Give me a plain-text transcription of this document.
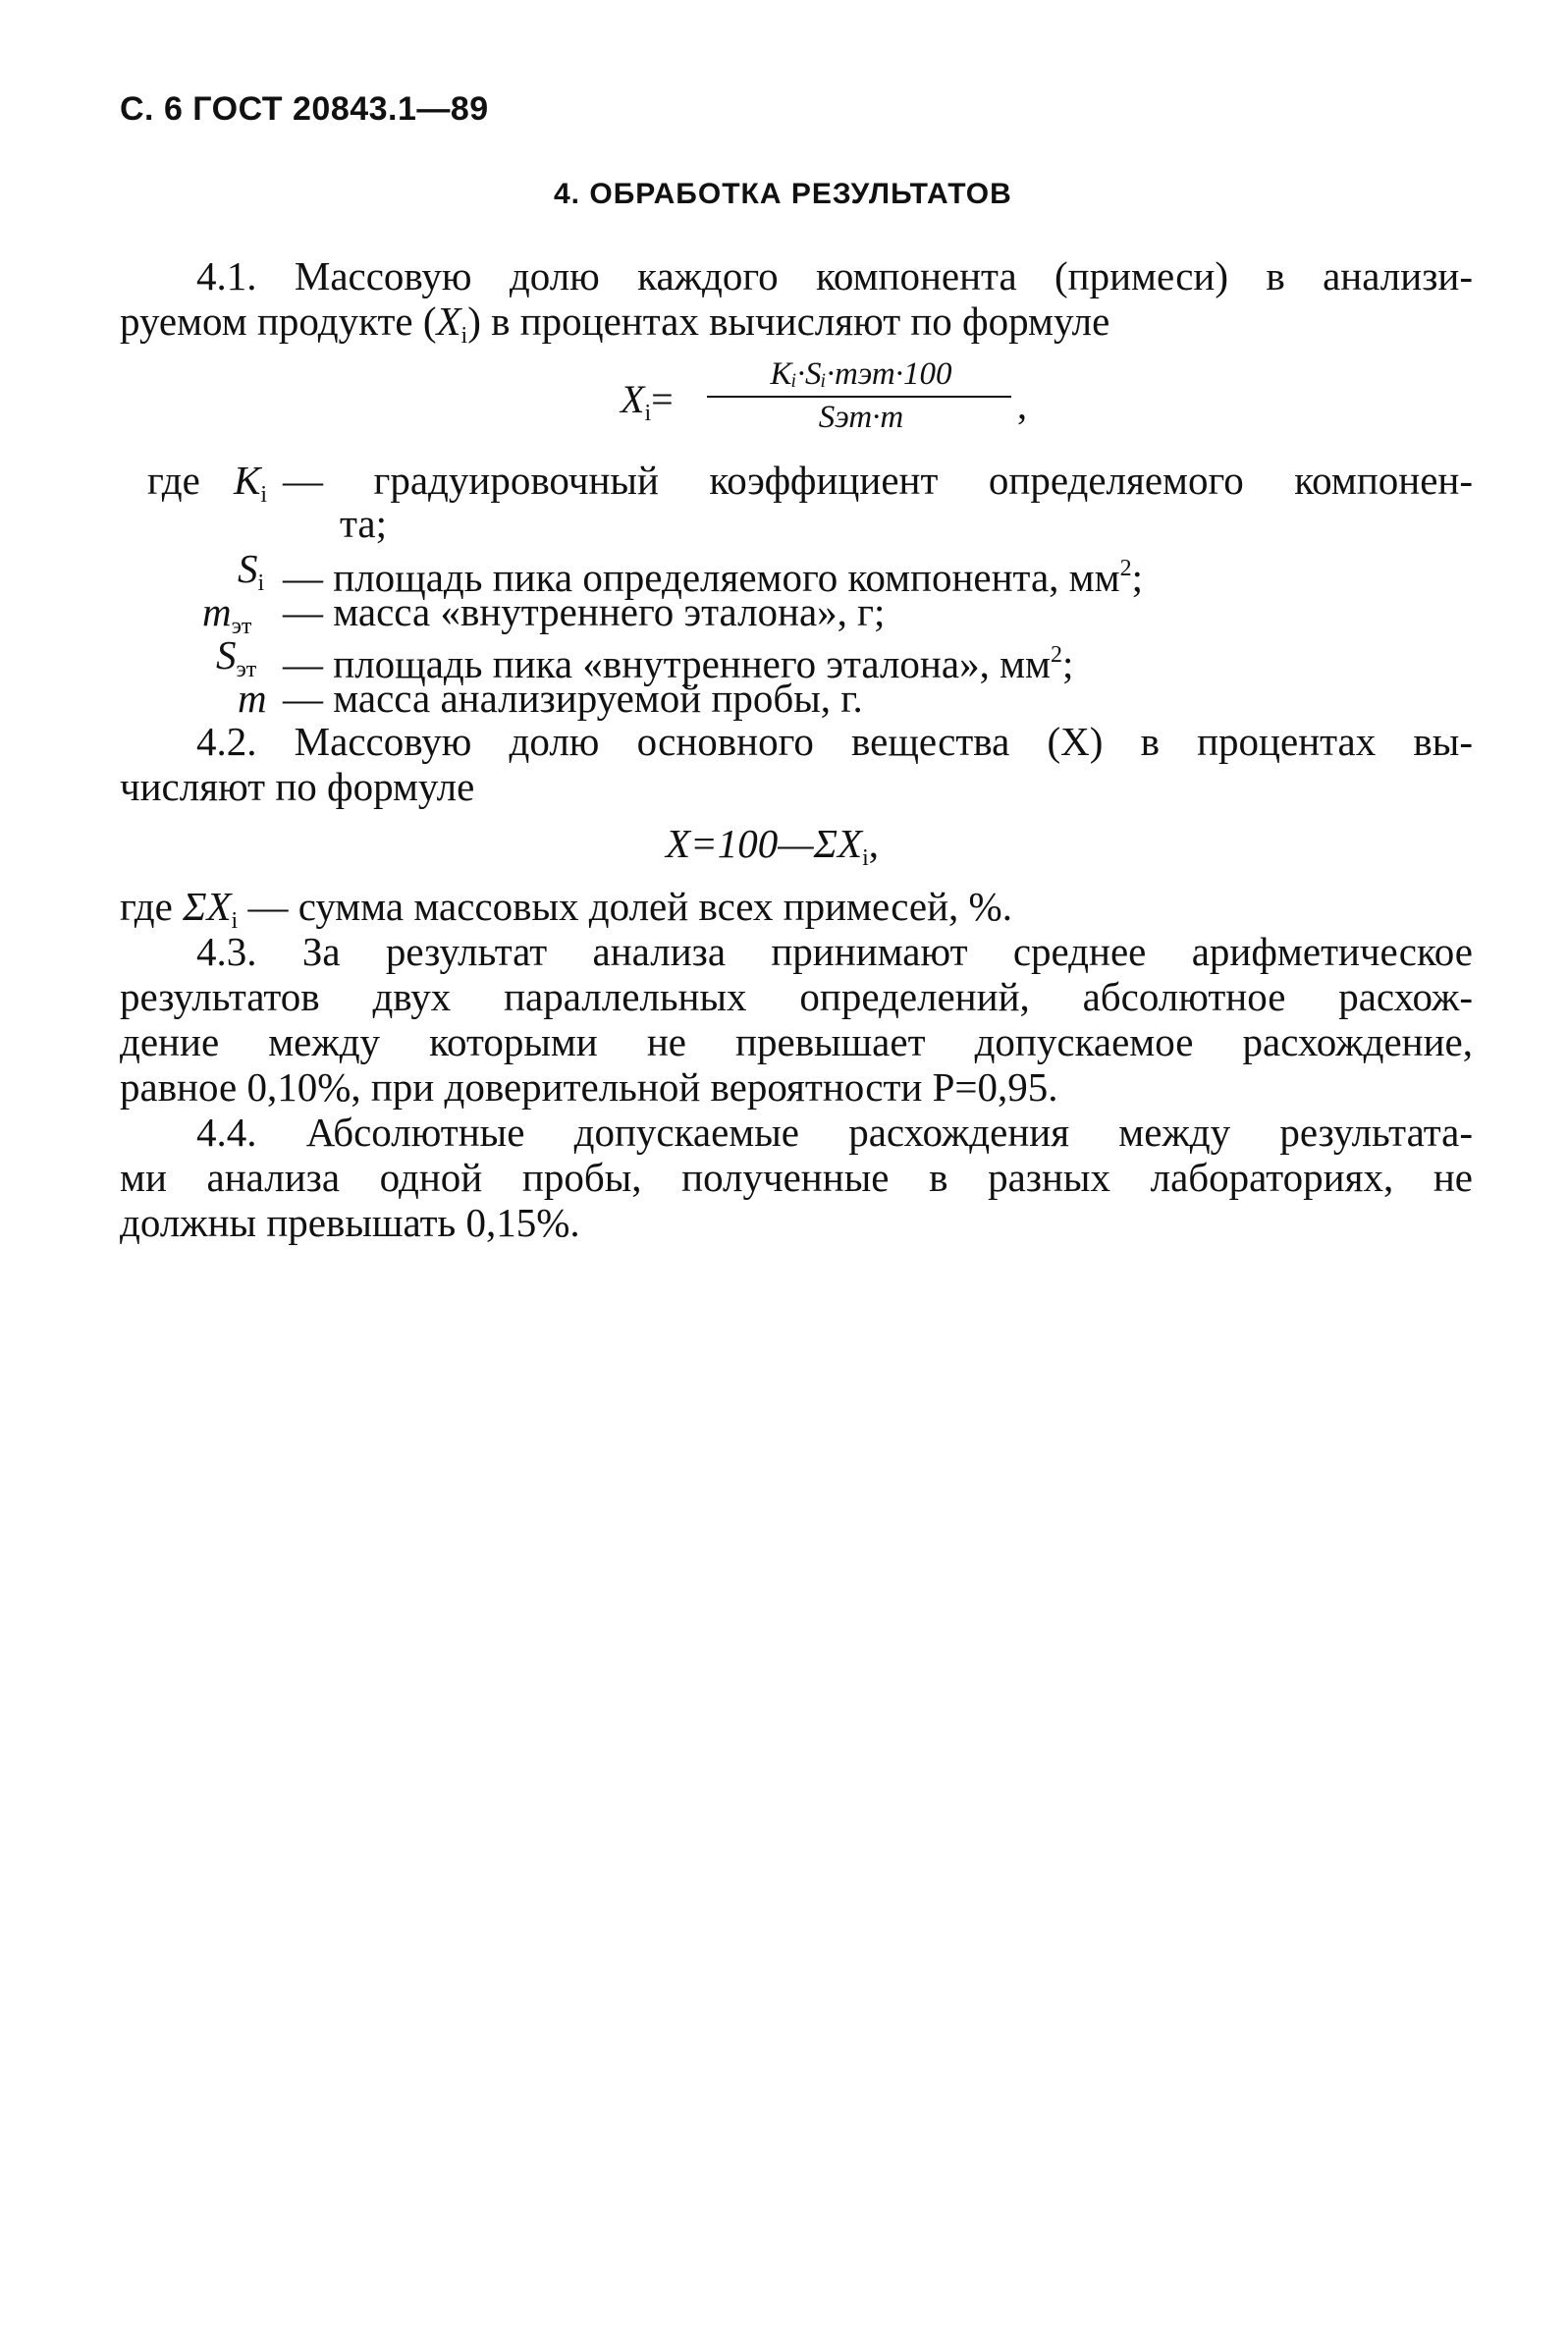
С. 6 ГОСТ 20843.1—89
4. ОБРАБОТКА РЕЗУЛЬТАТОВ
4.1. Массовую долю каждого компонента (примеси) в анализи-
руемом продукте $(X_i)$ в процентах вычисляют по формуле
$X_i=$
Kᵢ·Sᵢ·mэт·100
Sэт·m	,
где $K_i$ — градуировочный коэффициент определяемого компонен-
та;
$S_i$ — площадь пика определяемого компонента, $мм^2$;
$m_{эт}$ — масса «внутреннего эталона», г;
$S_{эт}$ — площадь пика «внутреннего эталона», $мм^2$;
m — масса анализируемой пробы, г.
4.2. Массовую долю основного вещества (X) в процентах вы-
числяют по формуле
$X=100—\Sigma X_i$,
где $\Sigma X_i$ — сумма массовых долей всех примесей, %.
4.3. За результат анализа принимают среднее арифметическое
результатов двух параллельных определений, абсолютное расхож-
дение между которыми не превышает допускаемое расхождение,
равное 0,10%, при доверительной вероятности P=0,95.
4.4. Абсолютные допускаемые расхождения между результата-
ми анализа одной пробы, полученные в разных лабораториях, не
должны превышать 0,15%.
